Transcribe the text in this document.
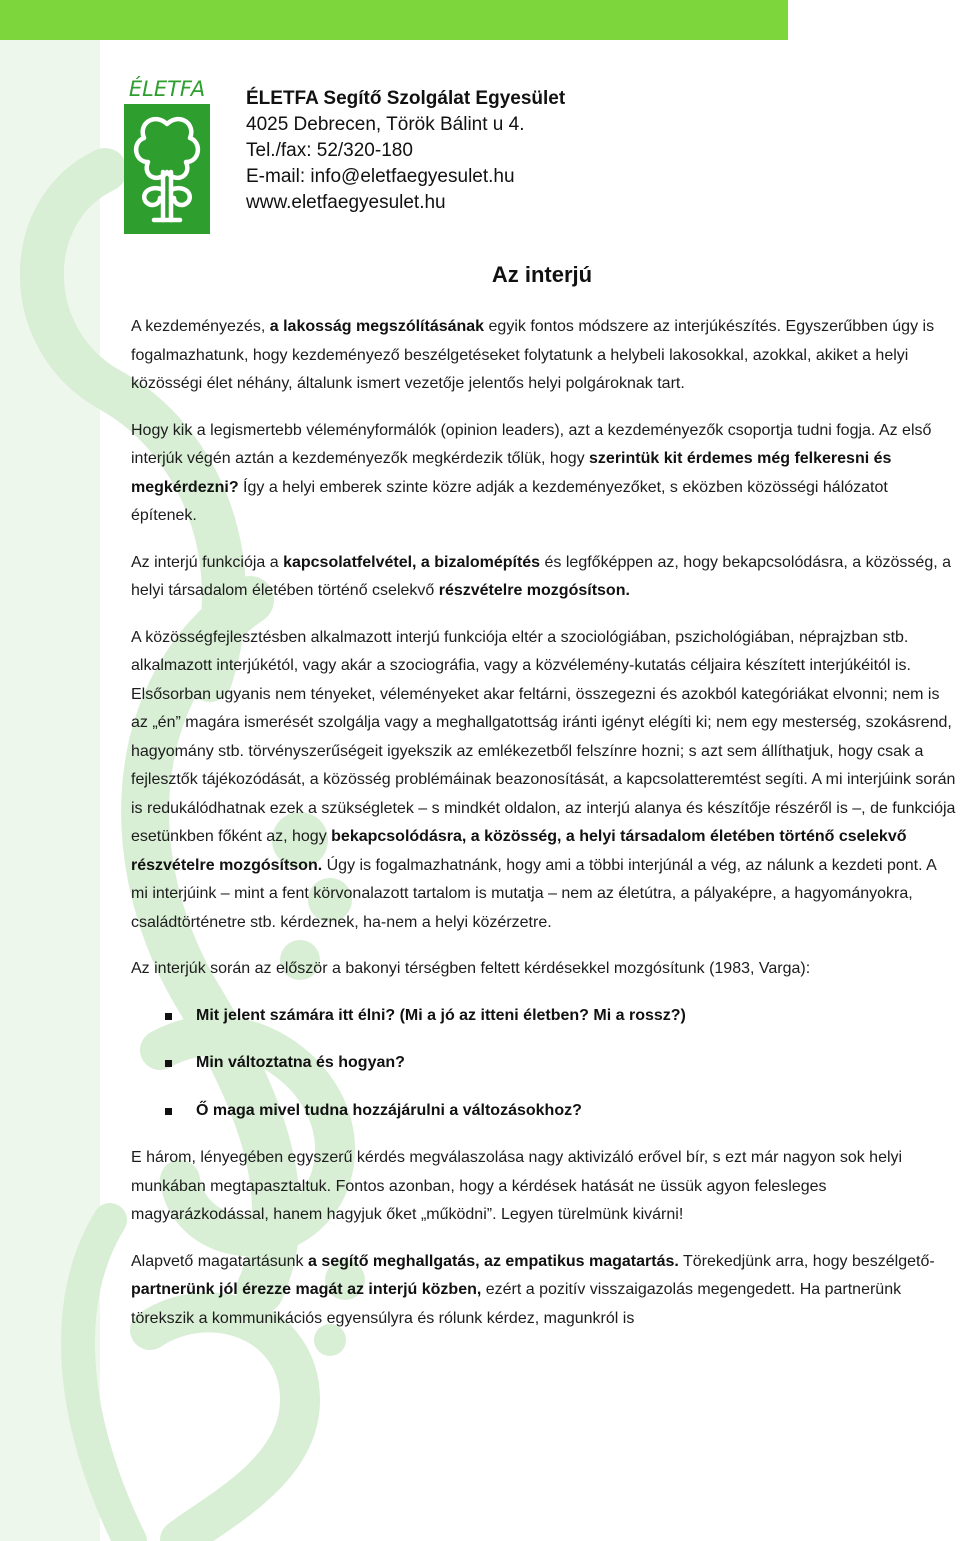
ÉLETFA ÉLETFA Segítő Szolgálat Egyesület
4025 Debrecen, Török Bálint u 4.
Tel./fax: 52/320-180
E-mail: info@eletfaegyesulet.hu
www.eletfaegyesulet.hu
Az interjú

A kezdeményezés, a lakosság megszólításának egyik fontos módszere az interjúkészítés. Egyszerűbben úgy is fogalmazhatunk, hogy kezdeményező beszélgetéseket folytatunk a helybeli lakosokkal, azokkal, akiket a helyi közösségi élet néhány, általunk ismert vezetője jelentős helyi polgároknak tart.

Hogy kik a legismertebb véleményformálók (opinion leaders), azt a kezdeményezők csoportja tudni fogja. Az első interjúk végén aztán a kezdeményezők megkérdezik tőlük, hogy szerintük kit érdemes még felkeresni és megkérdezni? Így a helyi emberek szinte közre adják a kezdeményezőket, s eközben közösségi hálózatot építenek.

Az interjú funkciója a kapcsolatfelvétel, a bizalomépítés és legfőképpen az, hogy bekapcsolódásra, a közösség, a helyi társadalom életében történő cselekvő részvételre mozgósítson.

A közösségfejlesztésben alkalmazott interjú funkciója eltér a szociológiában, pszichológiában, néprajzban stb. alkalmazott interjúkétól, vagy akár a szociográfia, vagy a közvélemény-kutatás céljaira készített interjúkéitól is. Elsősorban ugyanis nem tényeket, véleményeket akar feltárni, összegezni és azokból kategóriákat elvonni; nem is az „én” magára ismerését szolgálja vagy a meghallgatottság iránti igényt elégíti ki; nem egy mesterség, szokásrend, hagyomány stb. törvényszerűségeit igyekszik az emlékezetből felszínre hozni; s azt sem állíthatjuk, hogy csak a fejlesztők tájékozódását, a közösség problémáinak beazonosítását, a kapcsolatteremtést segíti. A mi interjúink során is redukálódhatnak ezek a szükségletek – s mindkét oldalon, az interjú alanya és készítője részéről is –, de funkciója esetünkben főként az, hogy bekapcsolódásra, a közösség, a helyi társadalom életében történő cselekvő részvételre mozgósítson. Úgy is fogalmazhatnánk, hogy ami a többi interjúnál a vég, az nálunk a kezdeti pont. A mi interjúink – mint a fent körvonalazott tartalom is mutatja – nem az életútra, a pályaképre, a hagyományokra, családtörténetre stb. kérdeznek, ha-nem a helyi közérzetre.

Az interjúk során az először a bakonyi térségben feltett kérdésekkel mozgósítunk (1983, Varga):

Mit jelent számára itt élni? (Mi a jó az itteni életben? Mi a rossz?)
Min változtatna és hogyan?
Ő maga mivel tudna hozzájárulni a változásokhoz?

E három, lényegében egyszerű kérdés megválaszolása nagy aktivizáló erővel bír, s ezt már nagyon sok helyi munkában megtapasztaltuk. Fontos azonban, hogy a kérdések hatását ne üssük agyon felesleges magyarázkodással, hanem hagyjuk őket „működni”. Legyen türelmünk kivárni!

Alapvető magatartásunk a segítő meghallgatás, az empatikus magatartás. Törekedjünk arra, hogy beszélgető-partnerünk jól érezze magát az interjú közben, ezért a pozitív visszaigazolás megengedett. Ha partnerünk törekszik a kommunikációs egyensúlyra és rólunk kérdez, magunkról is
